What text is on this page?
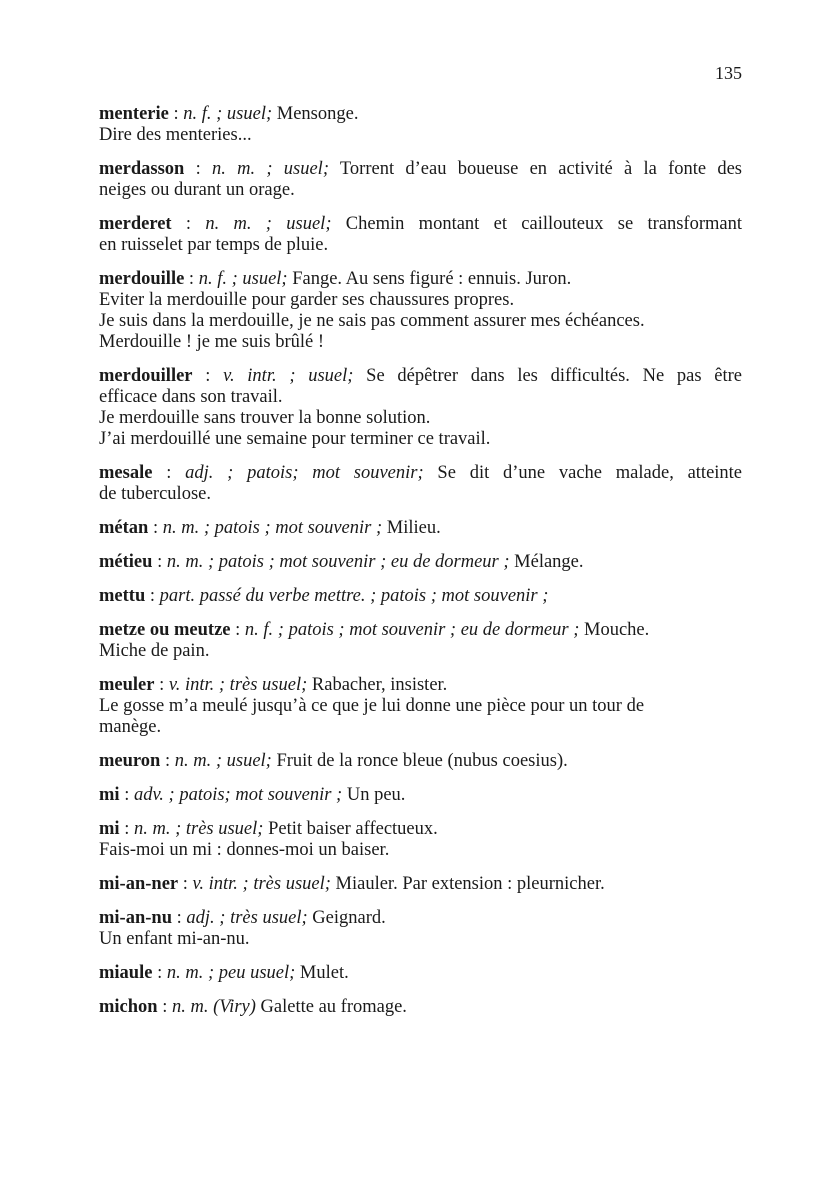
135
menterie : n. f. ; usuel; Mensonge.
Dire des menteries...
merdasson : n. m. ; usuel; Torrent d’eau boueuse en activité à la fonte des
neiges ou durant un orage.
merderet : n. m. ; usuel; Chemin montant et caillouteux se transformant
en ruisselet par temps de pluie.
merdouille : n. f. ; usuel; Fange. Au sens figuré : ennuis. Juron.
Eviter la merdouille pour garder ses chaussures propres.
Je suis dans la merdouille, je ne sais pas comment assurer mes échéances.
Merdouille ! je me suis brûlé !
merdouiller : v. intr. ; usuel; Se dépêtrer dans les difficultés. Ne pas être
efficace dans son travail.
Je merdouille sans trouver la bonne solution.
J’ai merdouillé une semaine pour terminer ce travail.
mesale : adj. ; patois; mot souvenir; Se dit d’une vache malade, atteinte
de tuberculose.
métan : n. m. ; patois ; mot souvenir ; Milieu.
métieu : n. m. ; patois ; mot souvenir ; eu de dormeur ; Mélange.
mettu : part. passé du verbe mettre. ; patois ; mot souvenir ;
metze ou meutze : n. f. ; patois ; mot souvenir ; eu de dormeur ; Mouche.
Miche de pain.
meuler : v. intr. ; très usuel; Rabacher, insister.
Le gosse m’a meulé jusqu’à ce que je lui donne une pièce pour un tour de
manège.
meuron : n. m. ; usuel; Fruit de la ronce bleue (nubus coesius).
mi : adv. ; patois; mot souvenir ; Un peu.
mi : n. m. ; très usuel; Petit baiser affectueux.
Fais-moi un mi : donnes-moi un baiser.
mi-an-ner : v. intr. ; très usuel; Miauler. Par extension : pleurnicher.
mi-an-nu : adj. ; très usuel; Geignard.
Un enfant mi-an-nu.
miaule : n. m. ; peu usuel; Mulet.
michon : n. m. (Viry) Galette au fromage.
